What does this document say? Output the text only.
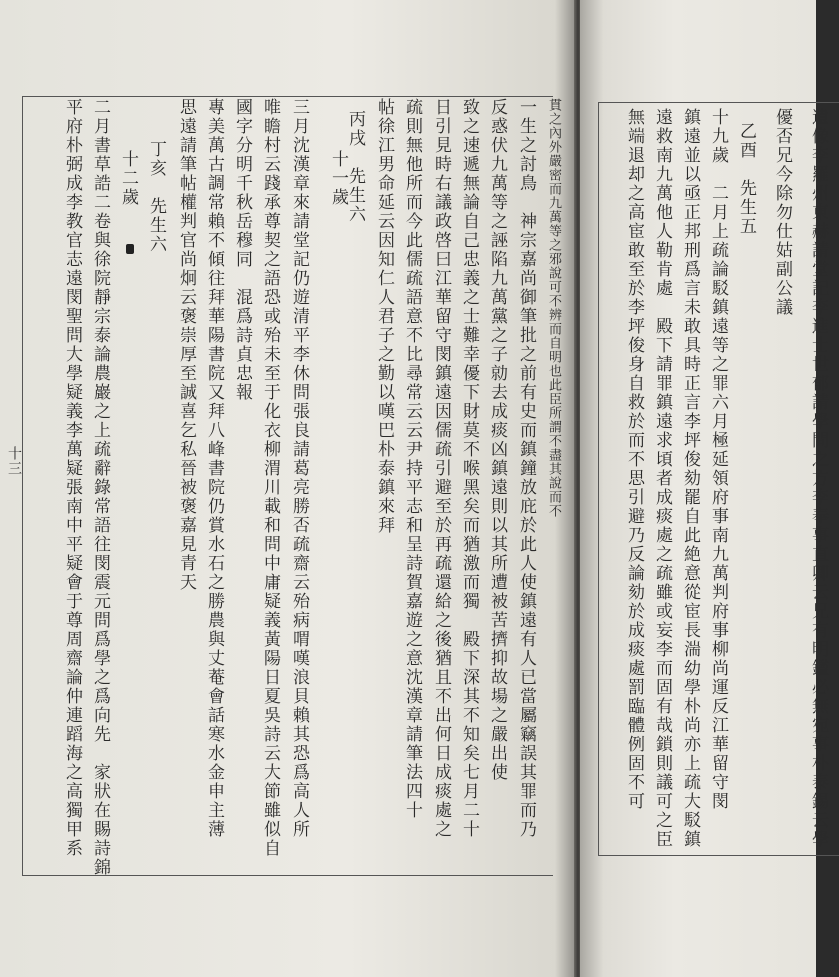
十三	貫之內外嚴密而九萬等之邪說可不辨而自明也此臣所謂不盡其說而不
一生之討鳥　神宗嘉尚御筆批之前有史而鎮鐘放庇於此人使鎮遠有人已當屬竊誤其罪而乃
反惑伏九萬等之誣陷九萬黨之子勍去成痰凶鎮遠則以其所遭被苦擠抑故場之嚴出使
致之速遞無論自己忠義之士難幸優下財莫不喉黑矣而猶激而獨　殿下深其不知矣七月二十
日引見時右議政啓曰江華留守閔鎮遠因儒疏引避至於再疏還給之後猶且不出何日成痰處之
疏則無他所而今此儒疏語意不比尋常云云尹持平志和呈詩賀嘉遊之意沈漢章請筆法四十
帖徐江男命延云因知仁人君子之勤以嘆巴朴泰鎮來拜
丙戌　先生六
十一歲
三月沈漢章來請堂記仍遊清平李休問張良請葛亮勝否疏齋云殆病喟嘆浪貝賴其恐爲高人所
唯瞻村云踐承尊契之語恐或殆未至于化衣柳渭川載和問中庸疑義黃陽日夏吳詩云大節雖似自
國字分明千秋岳穆同　混爲詩貞忠報
專美萬古調常賴不傾往拜華陽書院又拜八峰書院仍賞水石之勝農與丈菴會話寒水金申主薄
思遠請筆帖權判官尚炯云褒崇厚至誠喜乞私晉被褒嘉見青天
丁亥　先生六
十二歲
二月書草誥二卷與徐院靜宗泰論農巖之上疏辭錄常語往閔震元問爲學之爲向先　家狀在賜詩錦
平府朴弼成李教官志遠閔聖問大學疑義李萬疑張南中平疑會于尊周齋論仲連蹈海之高獨甲系	遺像李羅州東赫請堂記李進士世郁請學問之方李奉事直卿云兄有明鑑必無宛事朴泰錫云學
優否兄今除勿仕姑副公議
乙酉　先生五
十九歲　二月上疏論駁鎮遠等之罪六月極延領府事南九萬判府事柳尚運反江華留守閔
鎮遠並以亟正邦刑爲言未敢具時正言李坪俊劾罷自此絶意從宦長湍幼學朴尚亦上疏大駁鎮
遠救南九萬他人勒肯處　殿下請罪鎮遠求頃者成痰處之疏雖或妄李而固有哉鎖則議可之臣
無端退却之高宦敢至於李坪俊身自救於而不思引避乃反論劾於成痰處罰臨體例固不可
